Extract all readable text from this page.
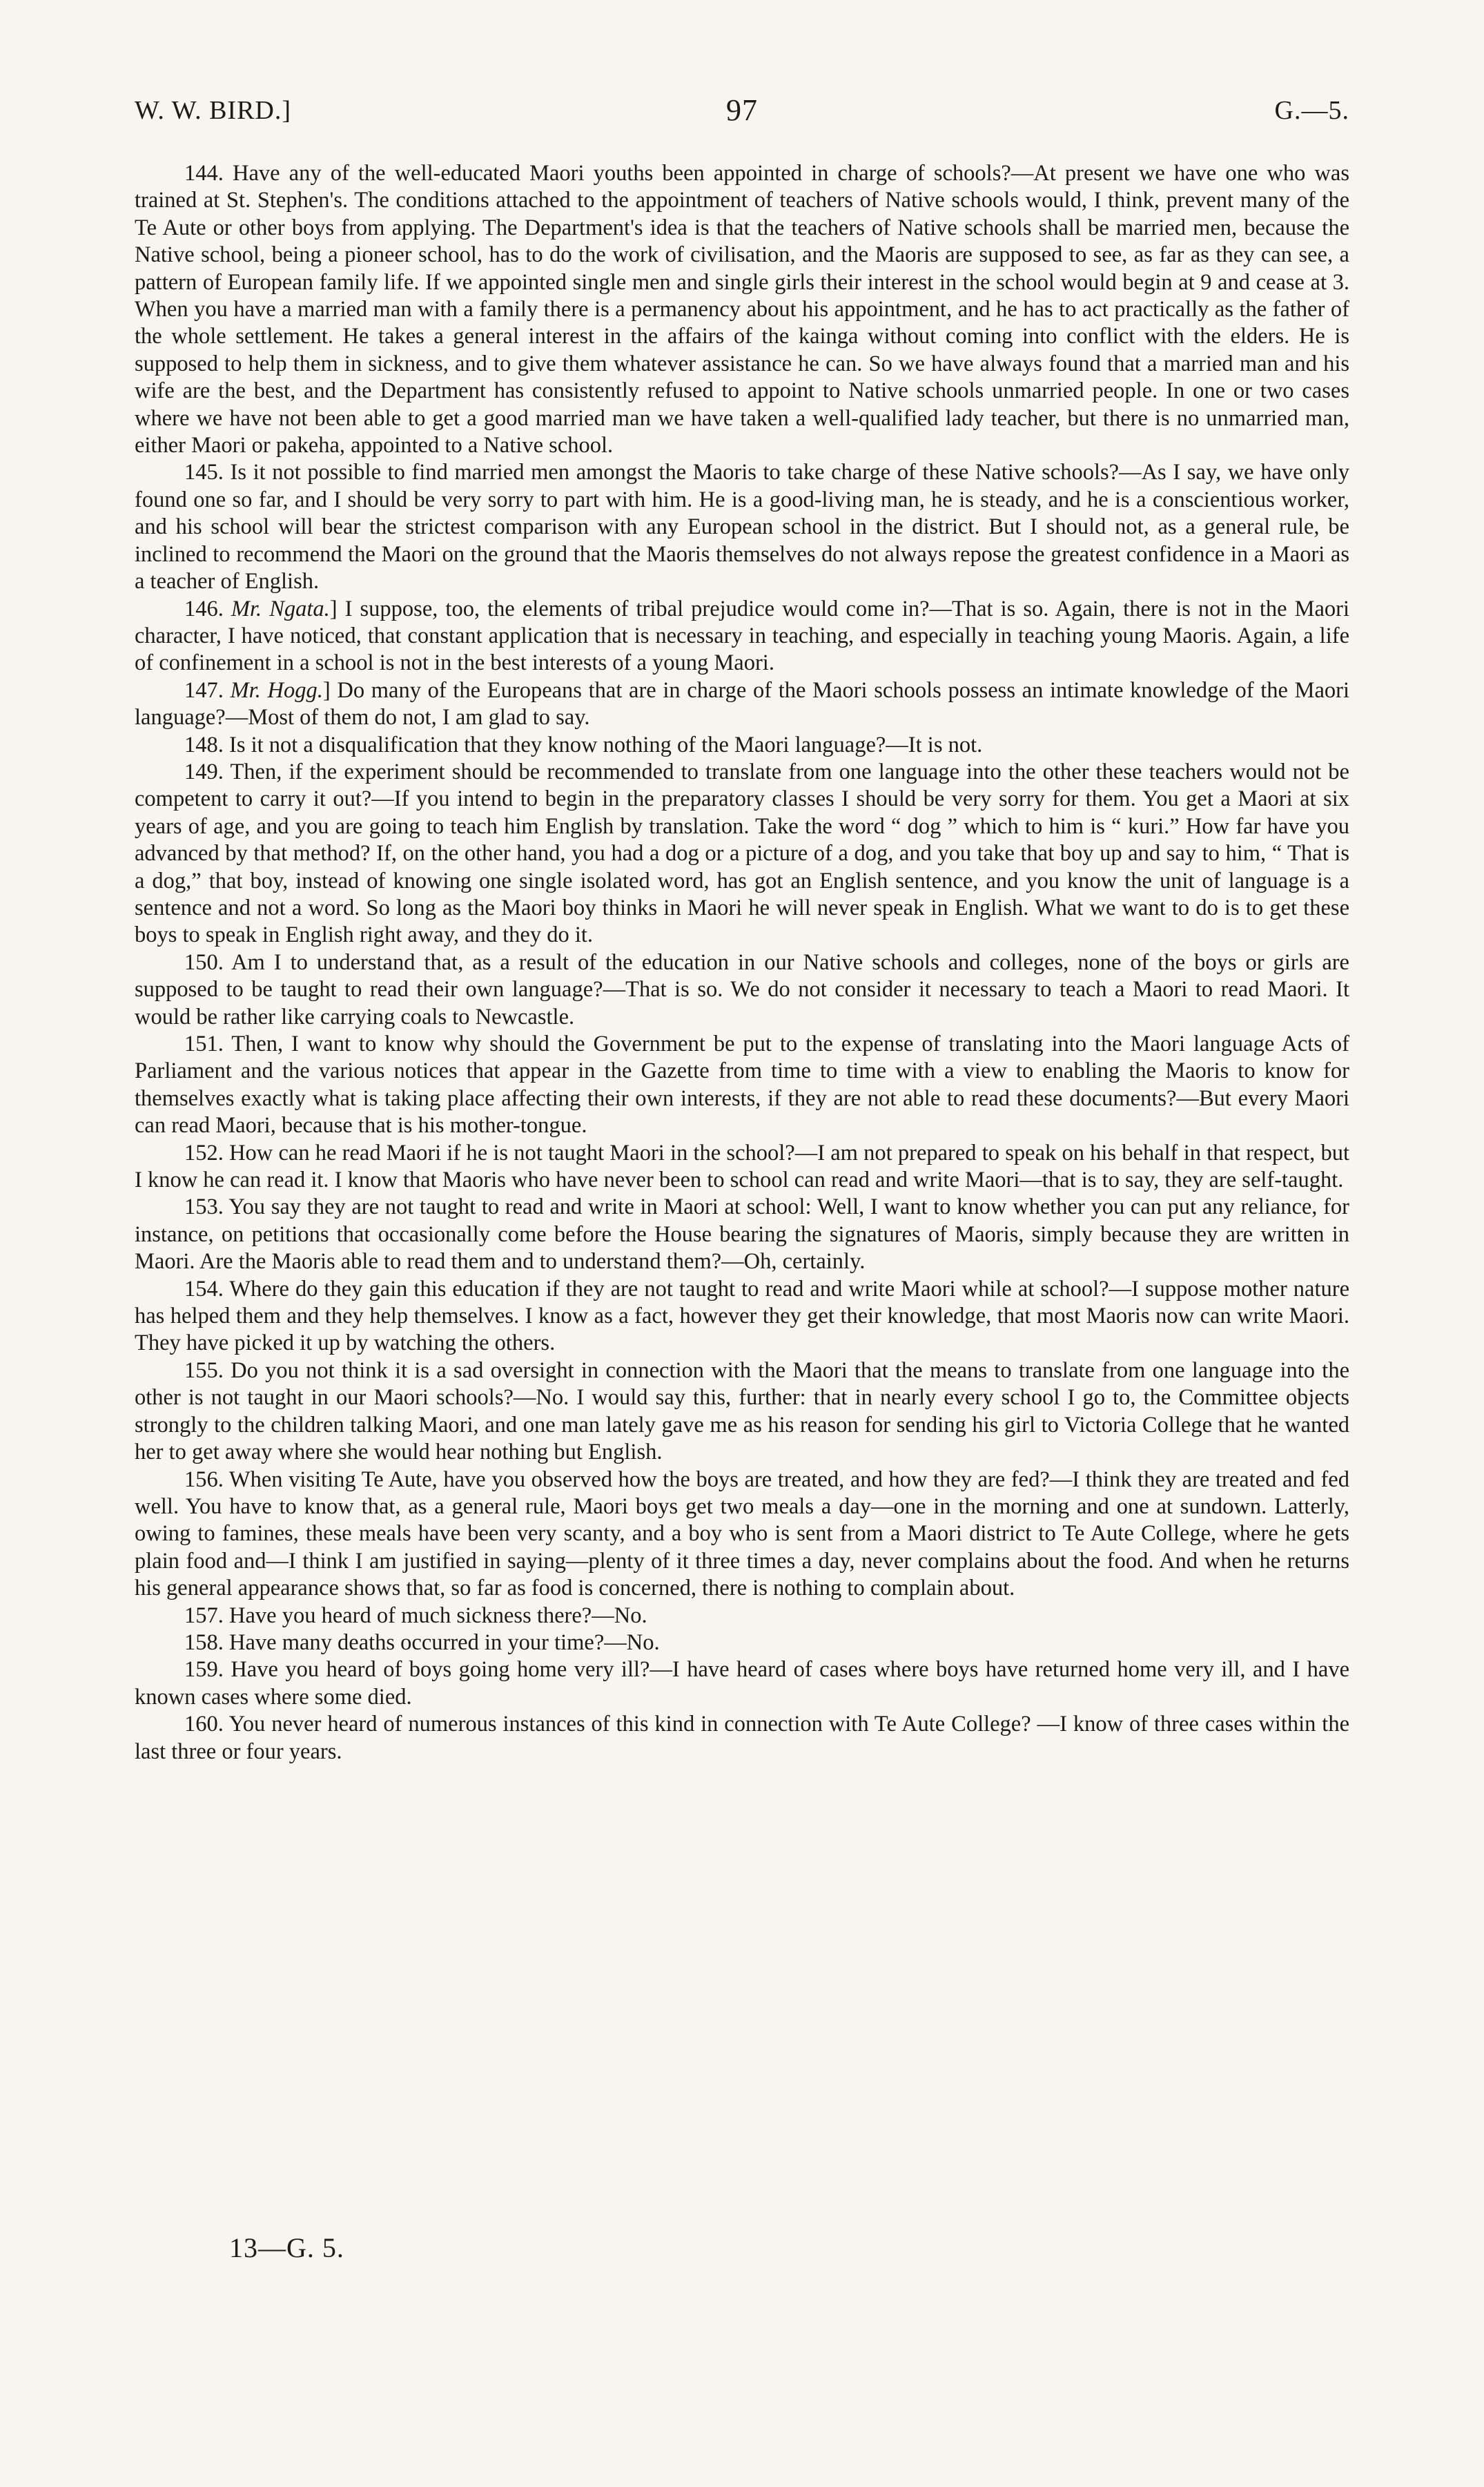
W. W. BIRD.]	97	G.—5.

144. Have any of the well-educated Maori youths been appointed in charge of schools?—At present we have one who was trained at St. Stephen's. The conditions attached to the appointment of teachers of Native schools would, I think, prevent many of the Te Aute or other boys from applying. The Department's idea is that the teachers of Native schools shall be married men, because the Native school, being a pioneer school, has to do the work of civilisation, and the Maoris are supposed to see, as far as they can see, a pattern of European family life. If we appointed single men and single girls their interest in the school would begin at 9 and cease at 3. When you have a married man with a family there is a permanency about his appointment, and he has to act practically as the father of the whole settlement. He takes a general interest in the affairs of the kainga without coming into conflict with the elders. He is supposed to help them in sickness, and to give them whatever assistance he can. So we have always found that a married man and his wife are the best, and the Department has consistently refused to appoint to Native schools unmarried people. In one or two cases where we have not been able to get a good married man we have taken a well-qualified lady teacher, but there is no unmarried man, either Maori or pakeha, appointed to a Native school.

145. Is it not possible to find married men amongst the Maoris to take charge of these Native schools?—As I say, we have only found one so far, and I should be very sorry to part with him. He is a good-living man, he is steady, and he is a conscientious worker, and his school will bear the strictest comparison with any European school in the district. But I should not, as a general rule, be inclined to recommend the Maori on the ground that the Maoris themselves do not always repose the greatest confidence in a Maori as a teacher of English.

146. Mr. Ngata.] I suppose, too, the elements of tribal prejudice would come in?—That is so. Again, there is not in the Maori character, I have noticed, that constant application that is necessary in teaching, and especially in teaching young Maoris. Again, a life of confinement in a school is not in the best interests of a young Maori.

147. Mr. Hogg.] Do many of the Europeans that are in charge of the Maori schools possess an intimate knowledge of the Maori language?—Most of them do not, I am glad to say.

148. Is it not a disqualification that they know nothing of the Maori language?—It is not.

149. Then, if the experiment should be recommended to translate from one language into the other these teachers would not be competent to carry it out?—If you intend to begin in the preparatory classes I should be very sorry for them. You get a Maori at six years of age, and you are going to teach him English by translation. Take the word “ dog ” which to him is “ kuri.” How far have you advanced by that method? If, on the other hand, you had a dog or a picture of a dog, and you take that boy up and say to him, “ That is a dog,” that boy, instead of knowing one single isolated word, has got an English sentence, and you know the unit of language is a sentence and not a word. So long as the Maori boy thinks in Maori he will never speak in English. What we want to do is to get these boys to speak in English right away, and they do it.

150. Am I to understand that, as a result of the education in our Native schools and colleges, none of the boys or girls are supposed to be taught to read their own language?—That is so. We do not consider it necessary to teach a Maori to read Maori. It would be rather like carrying coals to Newcastle.

151. Then, I want to know why should the Government be put to the expense of translating into the Maori language Acts of Parliament and the various notices that appear in the Gazette from time to time with a view to enabling the Maoris to know for themselves exactly what is taking place affecting their own interests, if they are not able to read these documents?—But every Maori can read Maori, because that is his mother-tongue.

152. How can he read Maori if he is not taught Maori in the school?—I am not prepared to speak on his behalf in that respect, but I know he can read it. I know that Maoris who have never been to school can read and write Maori—that is to say, they are self-taught.

153. You say they are not taught to read and write in Maori at school: Well, I want to know whether you can put any reliance, for instance, on petitions that occasionally come before the House bearing the signatures of Maoris, simply because they are written in Maori. Are the Maoris able to read them and to understand them?—Oh, certainly.

154. Where do they gain this education if they are not taught to read and write Maori while at school?—I suppose mother nature has helped them and they help themselves. I know as a fact, however they get their knowledge, that most Maoris now can write Maori. They have picked it up by watching the others.

155. Do you not think it is a sad oversight in connection with the Maori that the means to translate from one language into the other is not taught in our Maori schools?—No. I would say this, further: that in nearly every school I go to, the Committee objects strongly to the children talking Maori, and one man lately gave me as his reason for sending his girl to Victoria College that he wanted her to get away where she would hear nothing but English.

156. When visiting Te Aute, have you observed how the boys are treated, and how they are fed?—I think they are treated and fed well. You have to know that, as a general rule, Maori boys get two meals a day—one in the morning and one at sundown. Latterly, owing to famines, these meals have been very scanty, and a boy who is sent from a Maori district to Te Aute College, where he gets plain food and—I think I am justified in saying—plenty of it three times a day, never complains about the food. And when he returns his general appearance shows that, so far as food is concerned, there is nothing to complain about.

157. Have you heard of much sickness there?—No.

158. Have many deaths occurred in your time?—No.

159. Have you heard of boys going home very ill?—I have heard of cases where boys have returned home very ill, and I have known cases where some died.

160. You never heard of numerous instances of this kind in connection with Te Aute College? —I know of three cases within the last three or four years.

13—G. 5.
